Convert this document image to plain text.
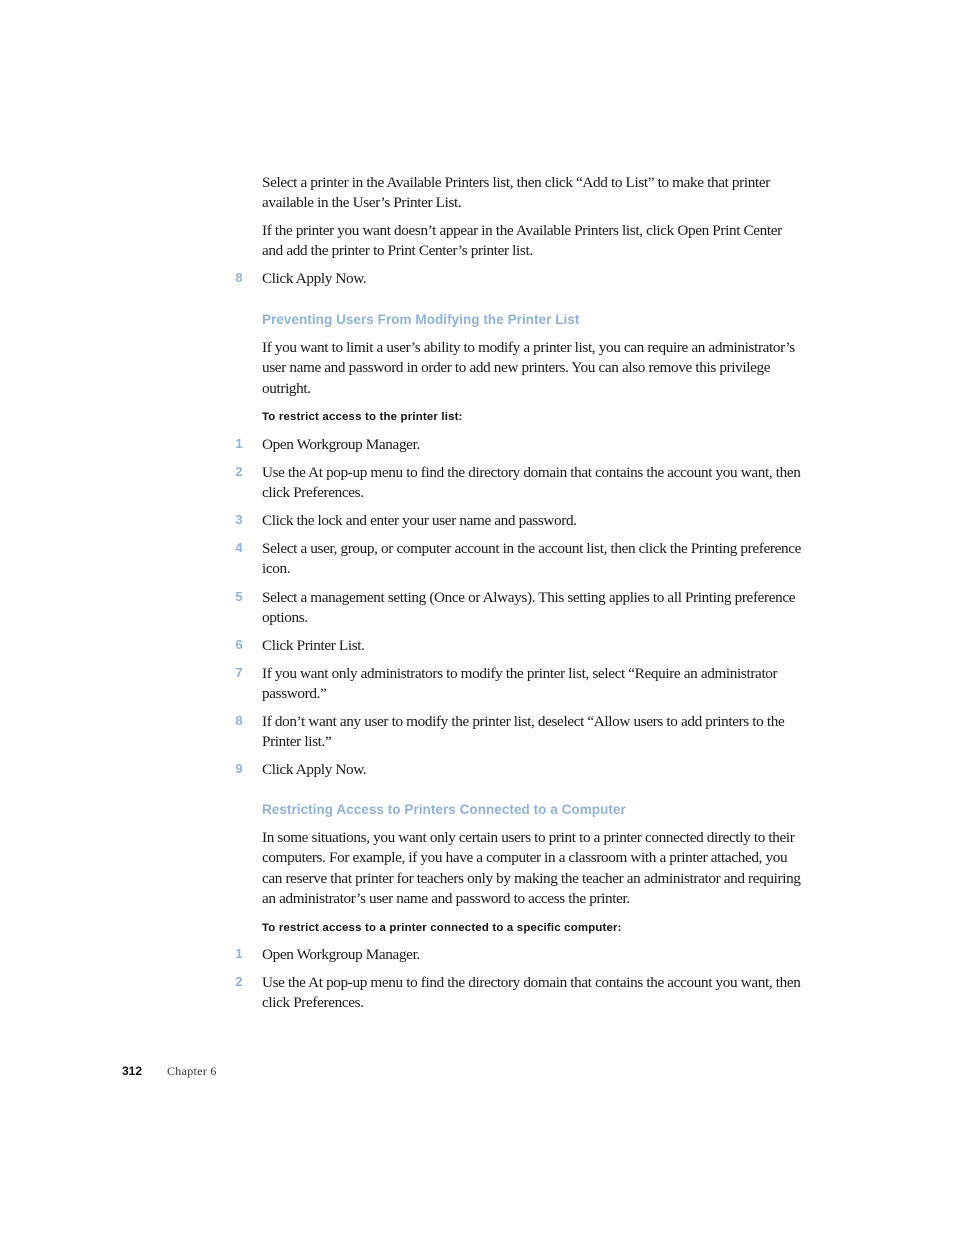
Select a printer in the Available Printers list, then click “Add to List” to make that printer available in the User’s Printer List.
If the printer you want doesn’t appear in the Available Printers list, click Open Print Center and add the printer to Print Center’s printer list.
8 Click Apply Now.
Preventing Users From Modifying the Printer List
If you want to limit a user’s ability to modify a printer list, you can require an administrator’s user name and password in order to add new printers. You can also remove this privilege outright.
To restrict access to the printer list:
1 Open Workgroup Manager.
2 Use the At pop-up menu to find the directory domain that contains the account you want, then click Preferences.
3 Click the lock and enter your user name and password.
4 Select a user, group, or computer account in the account list, then click the Printing preference icon.
5 Select a management setting (Once or Always). This setting applies to all Printing preference options.
6 Click Printer List.
7 If you want only administrators to modify the printer list, select “Require an administrator password.”
8 If don’t want any user to modify the printer list, deselect “Allow users to add printers to the Printer list.”
9 Click Apply Now.
Restricting Access to Printers Connected to a Computer
In some situations, you want only certain users to print to a printer connected directly to their computers. For example, if you have a computer in a classroom with a printer attached, you can reserve that printer for teachers only by making the teacher an administrator and requiring an administrator’s user name and password to access the printer.
To restrict access to a printer connected to a specific computer:
1 Open Workgroup Manager.
2 Use the At pop-up menu to find the directory domain that contains the account you want, then click Preferences.
312 Chapter 6
